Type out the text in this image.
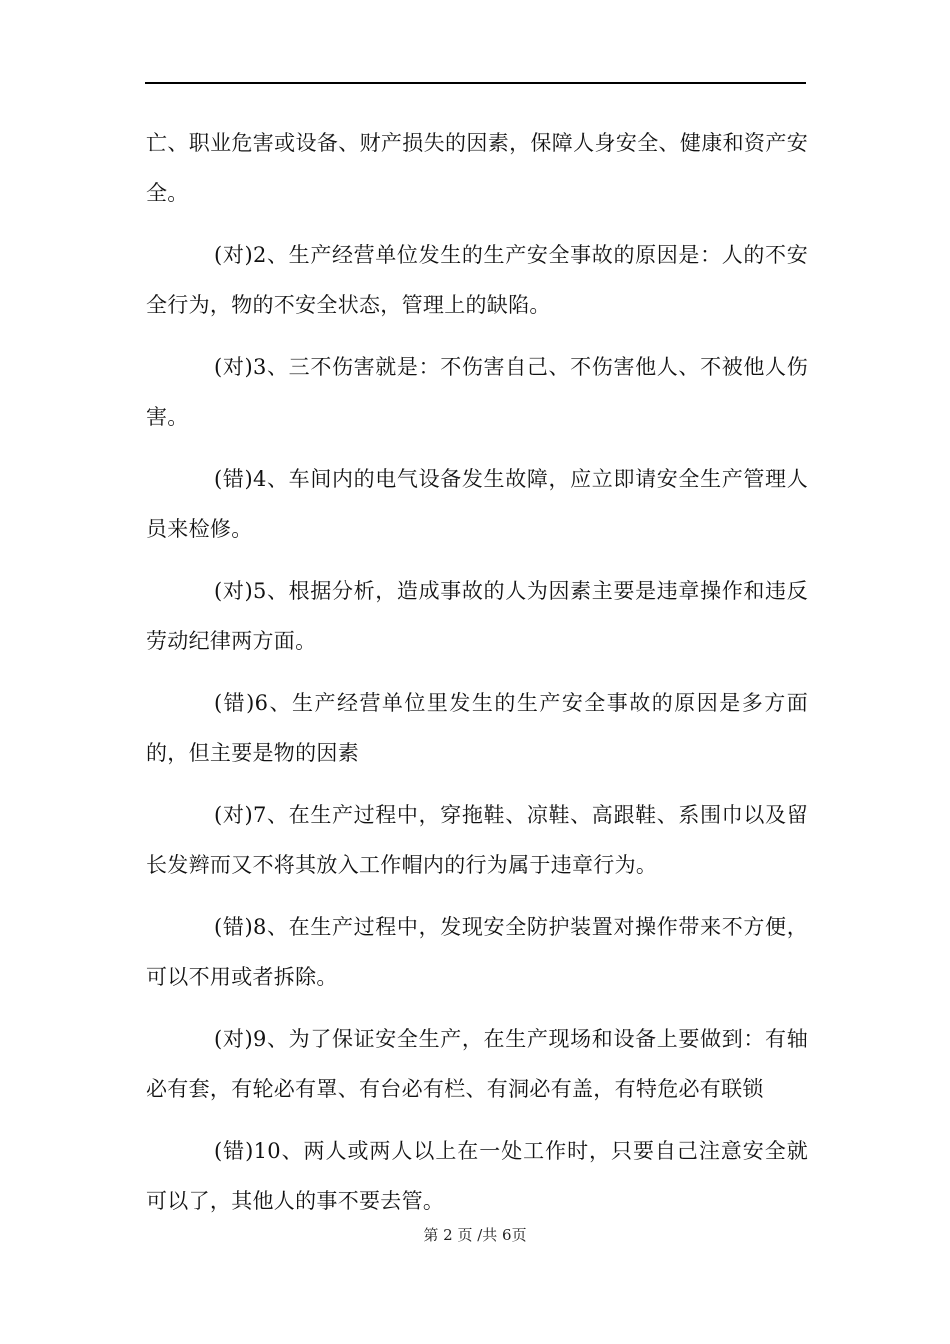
亡、职业危害或设备、财产损失的因素，保障人身安全、健康和资产安全。

(对)2、生产经营单位发生的生产安全事故的原因是：人的不安全行为，物的不安全状态，管理上的缺陷。

(对)3、三不伤害就是：不伤害自己、不伤害他人、不被他人伤害。

(错)4、车间内的电气设备发生故障，应立即请安全生产管理人员来检修。

(对)5、根据分析，造成事故的人为因素主要是违章操作和违反劳动纪律两方面。

(错)6、生产经营单位里发生的生产安全事故的原因是多方面的，但主要是物的因素

(对)7、在生产过程中，穿拖鞋、凉鞋、高跟鞋、系围巾以及留长发辫而又不将其放入工作帽内的行为属于违章行为。

(错)8、在生产过程中，发现安全防护装置对操作带来不方便，可以不用或者拆除。

(对)9、为了保证安全生产，在生产现场和设备上要做到：有轴必有套，有轮必有罩、有台必有栏、有洞必有盖，有特危必有联锁

(错)10、两人或两人以上在一处工作时，只要自己注意安全就可以了，其他人的事不要去管。

第 2 页 /共 6页
